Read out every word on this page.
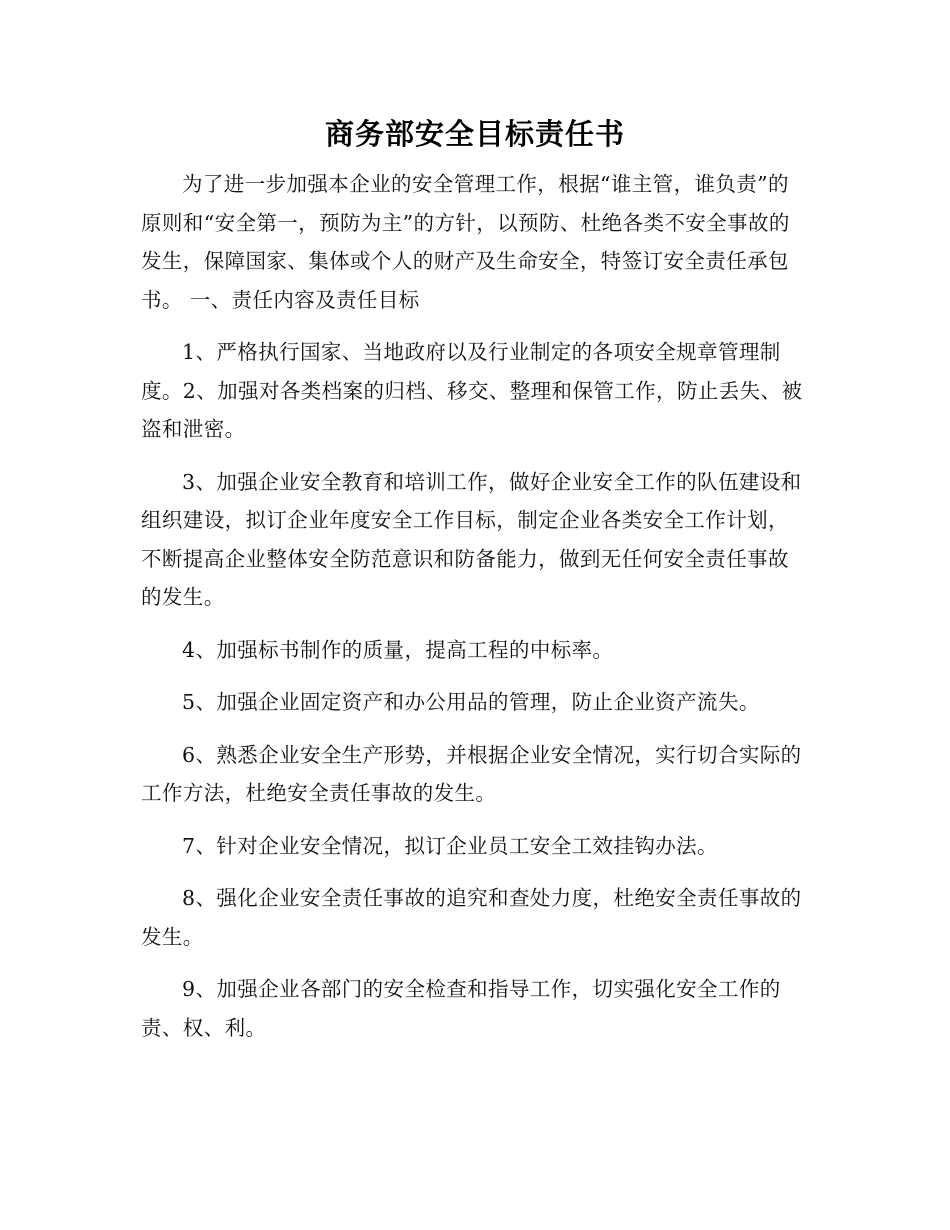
商务部安全目标责任书

为了进一步加强本企业的安全管理工作，根据“谁主管，谁负责”的原则和“安全第一，预防为主”的方针，以预防、杜绝各类不安全事故的发生，保障国家、集体或个人的财产及生命安全，特签订安全责任承包书。 一、责任内容及责任目标

1、严格执行国家、当地政府以及行业制定的各项安全规章管理制度。2、加强对各类档案的归档、移交、整理和保管工作，防止丢失、被盗和泄密。

3、加强企业安全教育和培训工作，做好企业安全工作的队伍建设和组织建设，拟订企业年度安全工作目标，制定企业各类安全工作计划，不断提高企业整体安全防范意识和防备能力，做到无任何安全责任事故的发生。

4、加强标书制作的质量，提高工程的中标率。

5、加强企业固定资产和办公用品的管理，防止企业资产流失。

6、熟悉企业安全生产形势，并根据企业安全情况，实行切合实际的工作方法，杜绝安全责任事故的发生。

7、针对企业安全情况，拟订企业员工安全工效挂钩办法。

8、强化企业安全责任事故的追究和查处力度，杜绝安全责任事故的发生。

9、加强企业各部门的安全检查和指导工作，切实强化安全工作的责、权、利。
